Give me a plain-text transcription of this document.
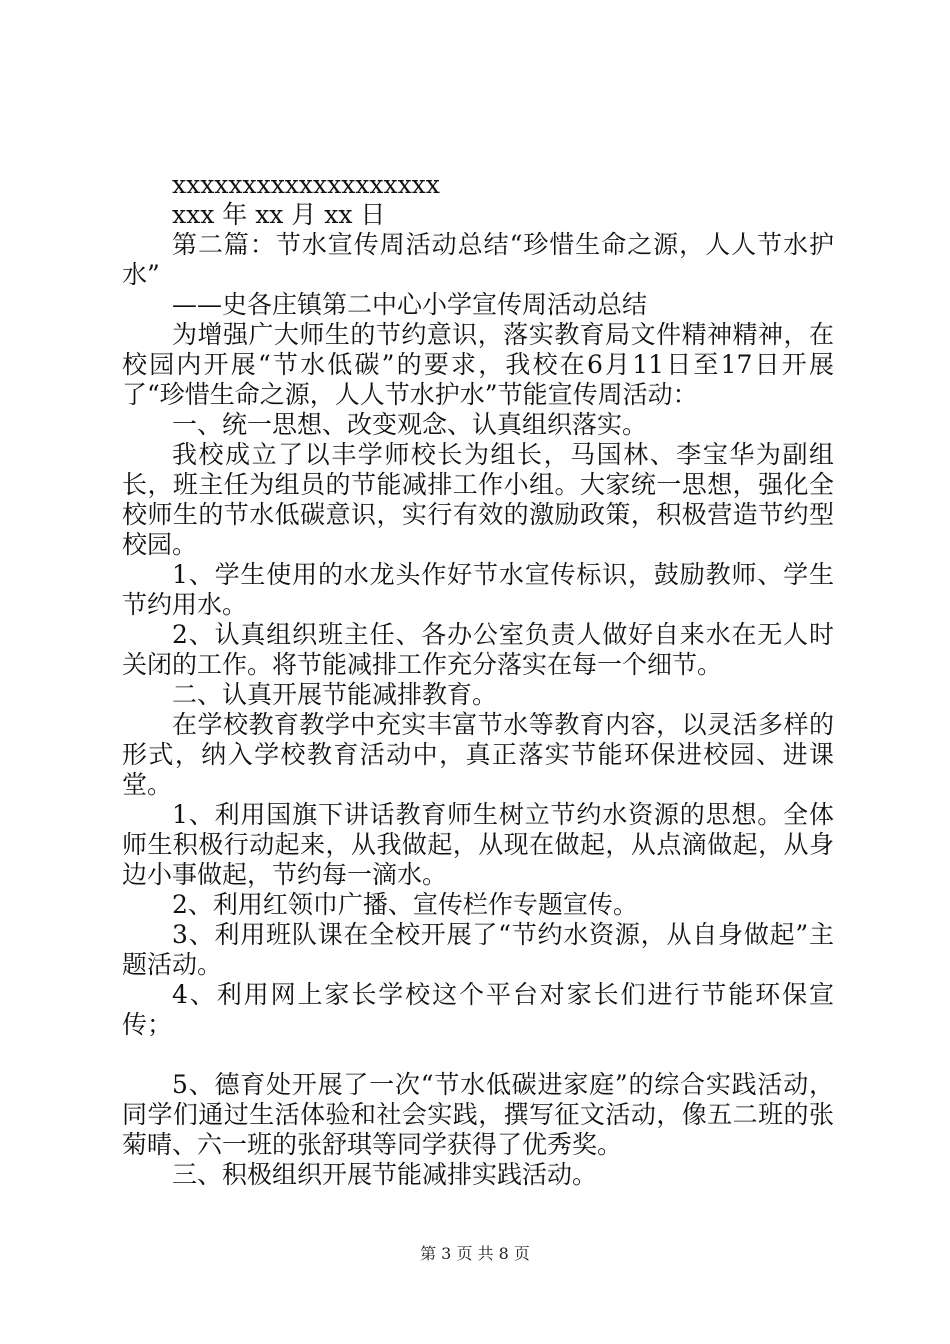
xxxxxxxxxxxxxxxxxxx

xxx 年 xx 月 xx 日

第二篇：节水宣传周活动总结“珍惜生命之源，人人节水护水”

——史各庄镇第二中心小学宣传周活动总结

为增强广大师生的节约意识，落实教育局文件精神精神，在校园内开展“节水低碳”的要求，我校在6月11日至17日开展了“珍惜生命之源，人人节水护水”节能宣传周活动：

一、统一思想、改变观念、认真组织落实。

我校成立了以丰学师校长为组长，马国林、李宝华为副组长，班主任为组员的节能减排工作小组。大家统一思想，强化全校师生的节水低碳意识，实行有效的激励政策，积极营造节约型校园。

1、学生使用的水龙头作好节水宣传标识，鼓励教师、学生节约用水。

2、认真组织班主任、各办公室负责人做好自来水在无人时关闭的工作。将节能减排工作充分落实在每一个细节。

二、认真开展节能减排教育。

在学校教育教学中充实丰富节水等教育内容，以灵活多样的形式，纳入学校教育活动中，真正落实节能环保进校园、进课堂。

1、利用国旗下讲话教育师生树立节约水资源的思想。全体师生积极行动起来，从我做起，从现在做起，从点滴做起，从身边小事做起，节约每一滴水。

2、利用红领巾广播、宣传栏作专题宣传。

3、利用班队课在全校开展了“节约水资源，从自身做起”主题活动。

4、利用网上家长学校这个平台对家长们进行节能环保宣传；

5、德育处开展了一次“节水低碳进家庭”的综合实践活动，同学们通过生活体验和社会实践，撰写征文活动，像五二班的张菊晴、六一班的张舒琪等同学获得了优秀奖。

三、积极组织开展节能减排实践活动。

第 3 页 共 8 页
